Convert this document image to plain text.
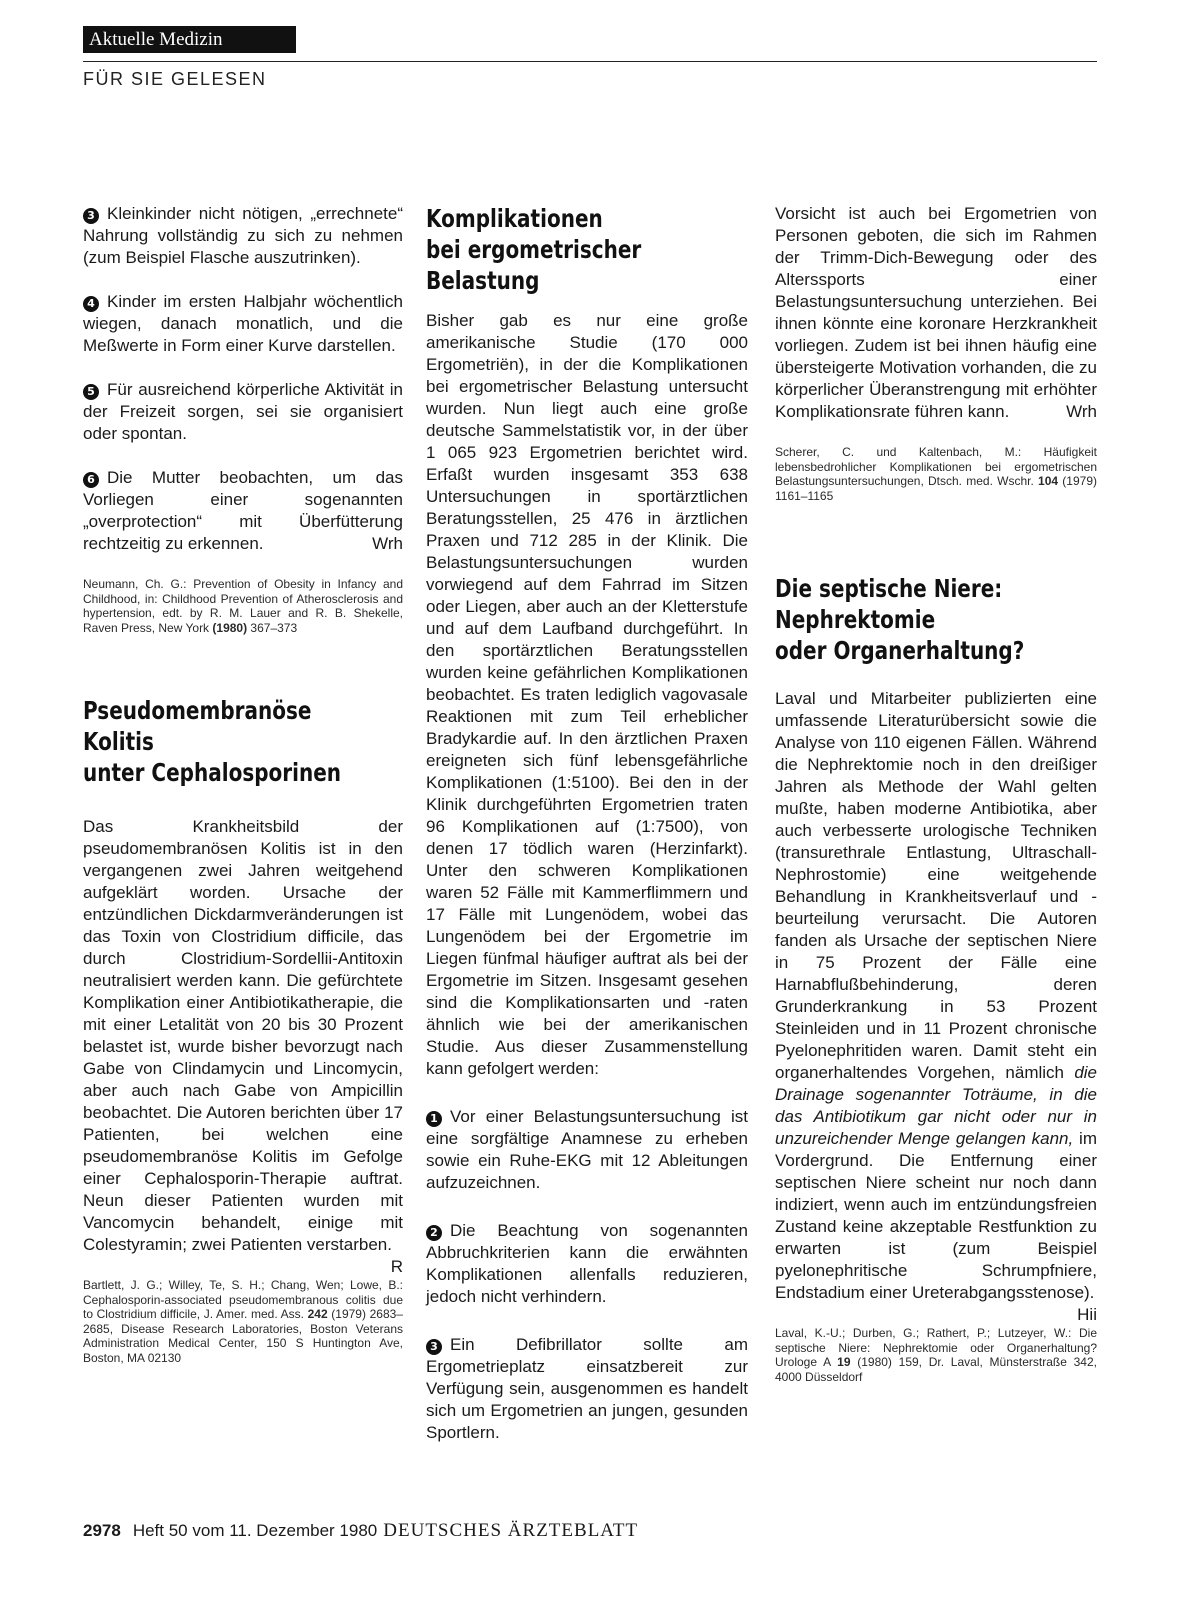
Aktuelle Medizin
FÜR SIE GELESEN

3 Kleinkinder nicht nötigen, „errechnete“ Nahrung vollständig zu sich zu nehmen (zum Beispiel Flasche auszutrinken).

4 Kinder im ersten Halbjahr wöchentlich wiegen, danach monatlich, und die Meßwerte in Form einer Kurve darstellen.

5 Für ausreichend körperliche Aktivität in der Freizeit sorgen, sei sie organisiert oder spontan.

6 Die Mutter beobachten, um das Vorliegen einer sogenannten „overprotection“ mit Überfütterung rechtzeitig zu erkennen.	Wrh

Neumann, Ch. G.: Prevention of Obesity in Infancy and Childhood, in: Childhood Prevention of Atherosclerosis and hypertension, edt. by R. M. Lauer and R. B. Shekelle, Raven Press, New York (1980) 367–373
Pseudomembranöse
Kolitis
unter Cephalosporinen

Das Krankheitsbild der pseudomembranösen Kolitis ist in den vergangenen zwei Jahren weitgehend aufgeklärt worden. Ursache der entzündlichen Dickdarmveränderungen ist das Toxin von Clostridium difficile, das durch Clostridium-Sordellii-Antitoxin neutralisiert werden kann. Die gefürchtete Komplikation einer Antibiotikatherapie, die mit einer Letalität von 20 bis 30 Prozent belastet ist, wurde bisher bevorzugt nach Gabe von Clindamycin und Lincomycin, aber auch nach Gabe von Ampicillin beobachtet. Die Autoren berichten über 17 Patienten, bei welchen eine pseudomembranöse Kolitis im Gefolge einer Cephalosporin-Therapie auftrat. Neun dieser Patienten wurden mit Vancomycin behandelt, einige mit Colestyramin; zwei Patienten verstarben.
R

Bartlett, J. G.; Willey, Te, S. H.; Chang, Wen; Lowe, B.: Cephalosporin-associated pseudomembranous colitis due to Clostridium difficile, J. Amer. med. Ass. 242 (1979) 2683–2685, Disease Research Laboratories, Boston Veterans Administration Medical Center, 150 S Huntington Ave, Boston, MA 02130
Komplikationen
bei ergometrischer
Belastung

Bisher gab es nur eine große amerikanische Studie (170 000 Ergometriën), in der die Komplikationen bei ergometrischer Belastung untersucht wurden. Nun liegt auch eine große deutsche Sammelstatistik vor, in der über 1 065 923 Ergometrien berichtet wird. Erfaßt wurden insgesamt 353 638 Untersuchungen in sportärztlichen Beratungsstellen, 25 476 in ärztlichen Praxen und 712 285 in der Klinik. Die Belastungsuntersuchungen wurden vorwiegend auf dem Fahrrad im Sitzen oder Liegen, aber auch an der Kletterstufe und auf dem Laufband durchgeführt. In den sportärztlichen Beratungsstellen wurden keine gefährlichen Komplikationen beobachtet. Es traten lediglich vagovasale Reaktionen mit zum Teil erheblicher Bradykardie auf. In den ärztlichen Praxen ereigneten sich fünf lebensgefährliche Komplikationen (1:5100). Bei den in der Klinik durchgeführten Ergometrien traten 96 Komplikationen auf (1:7500), von denen 17 tödlich waren (Herzinfarkt). Unter den schweren Komplikationen waren 52 Fälle mit Kammerflimmern und 17 Fälle mit Lungenödem, wobei das Lungenödem bei der Ergometrie im Liegen fünfmal häufiger auftrat als bei der Ergometrie im Sitzen. Insgesamt gesehen sind die Komplikationsarten und -raten ähnlich wie bei der amerikanischen Studie. Aus dieser Zusammenstellung kann gefolgert werden:

1 Vor einer Belastungsuntersuchung ist eine sorgfältige Anamnese zu erheben sowie ein Ruhe-EKG mit 12 Ableitungen aufzuzeichnen.

2 Die Beachtung von sogenannten Abbruchkriterien kann die erwähnten Komplikationen allenfalls reduzieren, jedoch nicht verhindern.

3 Ein Defibrillator sollte am Ergometrieplatz einsatzbereit zur Verfügung sein, ausgenommen es handelt sich um Ergometrien an jungen, gesunden Sportlern.

Vorsicht ist auch bei Ergometrien von Personen geboten, die sich im Rahmen der Trimm-Dich-Bewegung oder des Alterssports einer Belastungsuntersuchung unterziehen. Bei ihnen könnte eine koronare Herzkrankheit vorliegen. Zudem ist bei ihnen häufig eine übersteigerte Motivation vorhanden, die zu körperlicher Überanstrengung mit erhöhter Komplikationsrate führen kann.	Wrh

Scherer, C. und Kaltenbach, M.: Häufigkeit lebensbedrohlicher Komplikationen bei ergometrischen Belastungsuntersuchungen, Dtsch. med. Wschr. 104 (1979) 1161–1165
Die septische Niere:
Nephrektomie
oder Organerhaltung?

Laval und Mitarbeiter publizierten eine umfassende Literaturübersicht sowie die Analyse von 110 eigenen Fällen. Während die Nephrektomie noch in den dreißiger Jahren als Methode der Wahl gelten mußte, haben moderne Antibiotika, aber auch verbesserte urologische Techniken (transurethrale Entlastung, Ultraschall-Nephrostomie) eine weitgehende Behandlung in Krankheitsverlauf und -beurteilung verursacht. Die Autoren fanden als Ursache der septischen Niere in 75 Prozent der Fälle eine Harnabflußbehinderung, deren Grunderkrankung in 53 Prozent Steinleiden und in 11 Prozent chronische Pyelonephritiden waren. Damit steht ein organerhaltendes Vorgehen, nämlich die Drainage sogenannter Toträume, in die das Antibiotikum gar nicht oder nur in unzureichender Menge gelangen kann, im Vordergrund. Die Entfernung einer septischen Niere scheint nur noch dann indiziert, wenn auch im entzündungsfreien Zustand keine akzeptable Restfunktion zu erwarten ist (zum Beispiel pyelonephritische Schrumpfniere, Endstadium einer Ureterabgangsstenose).
Hii

Laval, K.-U.; Durben, G.; Rathert, P.; Lutzeyer, W.: Die septische Niere: Nephrektomie oder Organerhaltung? Urologe A 19 (1980) 159, Dr. Laval, Münsterstraße 342, 4000 Düsseldorf
2978 Heft 50 vom 11. Dezember 1980 DEUTSCHES ÄRZTEBLATT
